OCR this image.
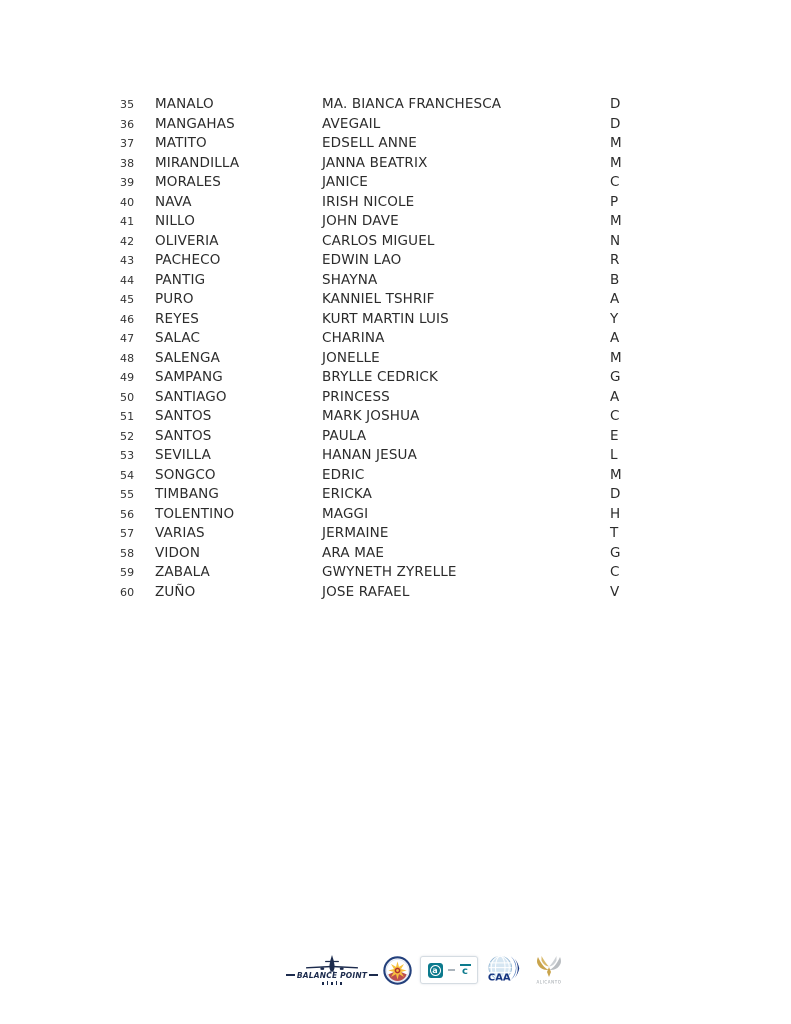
35	MANALO	MA. BIANCA FRANCHESCA	D
36	MANGAHAS	AVEGAIL	D
37	MATITO	EDSELL ANNE	M
38	MIRANDILLA	JANNA BEATRIX	M
39	MORALES	JANICE	C
40	NAVA	IRISH NICOLE	P
41	NILLO	JOHN DAVE	M
42	OLIVERIA	CARLOS MIGUEL	N
43	PACHECO	EDWIN LAO	R
44	PANTIG	SHAYNA	B
45	PURO	KANNIEL TSHRIF	A
46	REYES	KURT MARTIN LUIS	Y
47	SALAC	CHARINA	A
48	SALENGA	JONELLE	M
49	SAMPANG	BRYLLE CEDRICK	G
50	SANTIAGO	PRINCESS	A
51	SANTOS	MARK JOSHUA	C
52	SANTOS	PAULA	E
53	SEVILLA	HANAN JESUA	L
54	SONGCO	EDRIC	M
55	TIMBANG	ERICKA	D
56	TOLENTINO	MAGGI	H
57	VARIAS	JERMAINE	T
58	VIDON	ARA MAE	G
59	ZABALA	GWYNETH ZYRELLE	C
60	ZUÑO	JOSE RAFAEL	V
BALANCE POINT
a c
CAA	ALICANTO
